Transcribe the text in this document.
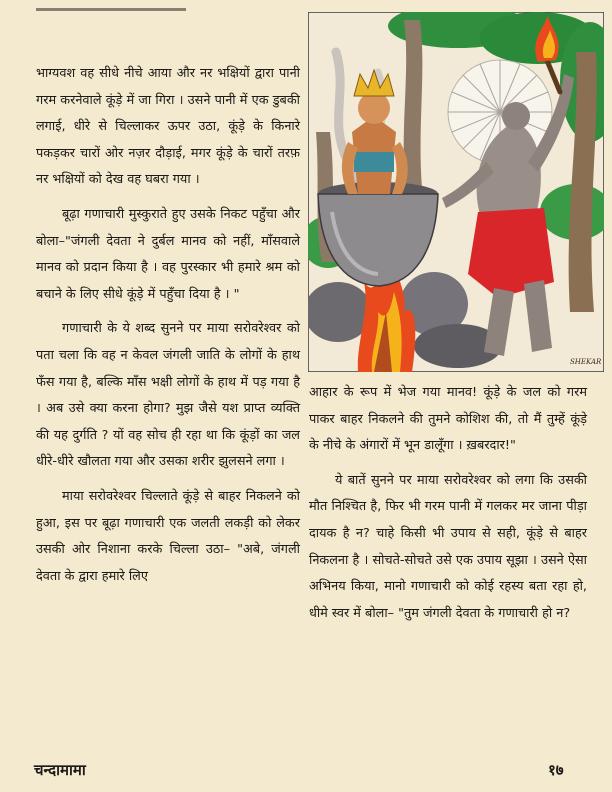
भाग्यवश वह सीधे नीचे आया और नर भक्षियों द्वारा पानी गरम करनेवाले कूंड़े में जा गिरा । उसने पानी में एक डुबकी लगाई, धीरे से चिल्लाकर ऊपर उठा, कूंड़े के किनारे पकड़कर चारों ओर नज़र दौड़ाई, मगर कूंड़े के चारों तरफ़ नर भक्षियों को देख वह घबरा गया ।

बूढ़ा गणाचारी मुस्कुराते हुए उसके निकट पहुँचा और बोला–"जंगली देवता ने दुर्बल मानव को नहीं, माँसवाले मानव को प्रदान किया है । वह पुरस्कार भी हमारे श्रम को बचाने के लिए सीधे कूंड़े में पहुँचा दिया है । "

गणाचारी के ये शब्द सुनने पर माया सरोवरेश्वर को पता चला कि वह न केवल जंगली जाति के लोगों के हाथ फँस गया है, बल्कि माँस भक्षी लोगों के हाथ में पड़ गया है । अब उसे क्या करना होगा? मुझ जैसे यश प्राप्त व्यक्ति की यह दुर्गति ? यों वह सोच ही रहा था कि कूंड़ों का जल धीरे-धीरे खौलता गया और उसका शरीर झुलसने लगा ।

माया सरोवरेश्वर चिल्लाते कूंड़े से बाहर निकलने को हुआ, इस पर बूढ़ा गणाचारी एक जलती लकड़ी को लेकर उसकी ओर निशाना करके चिल्ला उठा– "अबे, जंगली देवता के द्वारा हमारे लिए

SHEKAR

आहार के रूप में भेज गया मानव! कूंड़े के जल को गरम पाकर बाहर निकलने की तुमने कोशिश की, तो मैं तुम्हें कूंड़े के नीचे के अंगारों में भून डालूँगा । ख़बरदार!"

ये बातें सुनने पर माया सरोवरेश्वर को लगा कि उसकी मौत निश्चित है, फिर भी गरम पानी में गलकर मर जाना पीड़ा दायक है न? चाहे किसी भी उपाय से सही, कूंड़े से बाहर निकलना है । सोचते-सोचते उसे एक उपाय सूझा । उसने ऐसा अभिनय किया, मानो गणाचारी को कोई रहस्य बता रहा हो, धीमे स्वर में बोला– "तुम जंगली देवता के गणाचारी हो न?

चन्दामामा	१७
